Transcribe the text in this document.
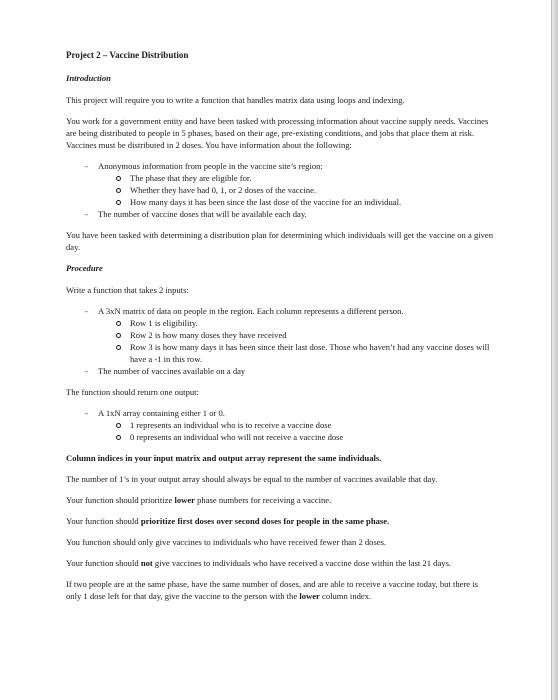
Project 2 – Vaccine Distribution
Introduction

This project will require you to write a function that handles matrix data using loops and indexing.

You work for a government entity and have been tasked with processing information about vaccine supply needs. Vaccines are being distributed to people in 5 phases, based on their age, pre-existing conditions, and jobs that place them at risk. Vaccines must be distributed in 2 doses. You have information about the following:

- Anonymous information from people in the vaccine site’s region:
The phase that they are eligible for.
Whether they have had 0, 1, or 2 doses of the vaccine.
How many days it has been since the last dose of the vaccine for an individual.
- The number of vaccine doses that will be available each day.

You have been tasked with determining a distribution plan for determining which individuals will get the vaccine on a given day.

Procedure

Write a function that takes 2 inputs:

- A 3xN matrix of data on people in the region. Each column represents a different person.
Row 1 is eligibility.
Row 2 is how many doses they have received
Row 3 is how many days it has been since their last dose. Those who haven’t had any vaccine doses will have a -1 in this row.
- The number of vaccines available on a day

The function should return one output:

- A 1xN array containing either 1 or 0.
1 represents an individual who is to receive a vaccine dose
0 represents an individual who will not receive a vaccine dose

Column indices in your input matrix and output array represent the same individuals.

The number of 1’s in your output array should always be equal to the number of vaccines available that day.

Your function should prioritize lower phase numbers for receiving a vaccine.

Your function should prioritize first doses over second doses for people in the same phase.

You function should only give vaccines to individuals who have received fewer than 2 doses.

Your function should not give vaccines to individuals who have received a vaccine dose within the last 21 days.

If two people are at the same phase, have the same number of doses, and are able to receive a vaccine today, but there is only 1 dose left for that day, give the vaccine to the person with the lower column index.
